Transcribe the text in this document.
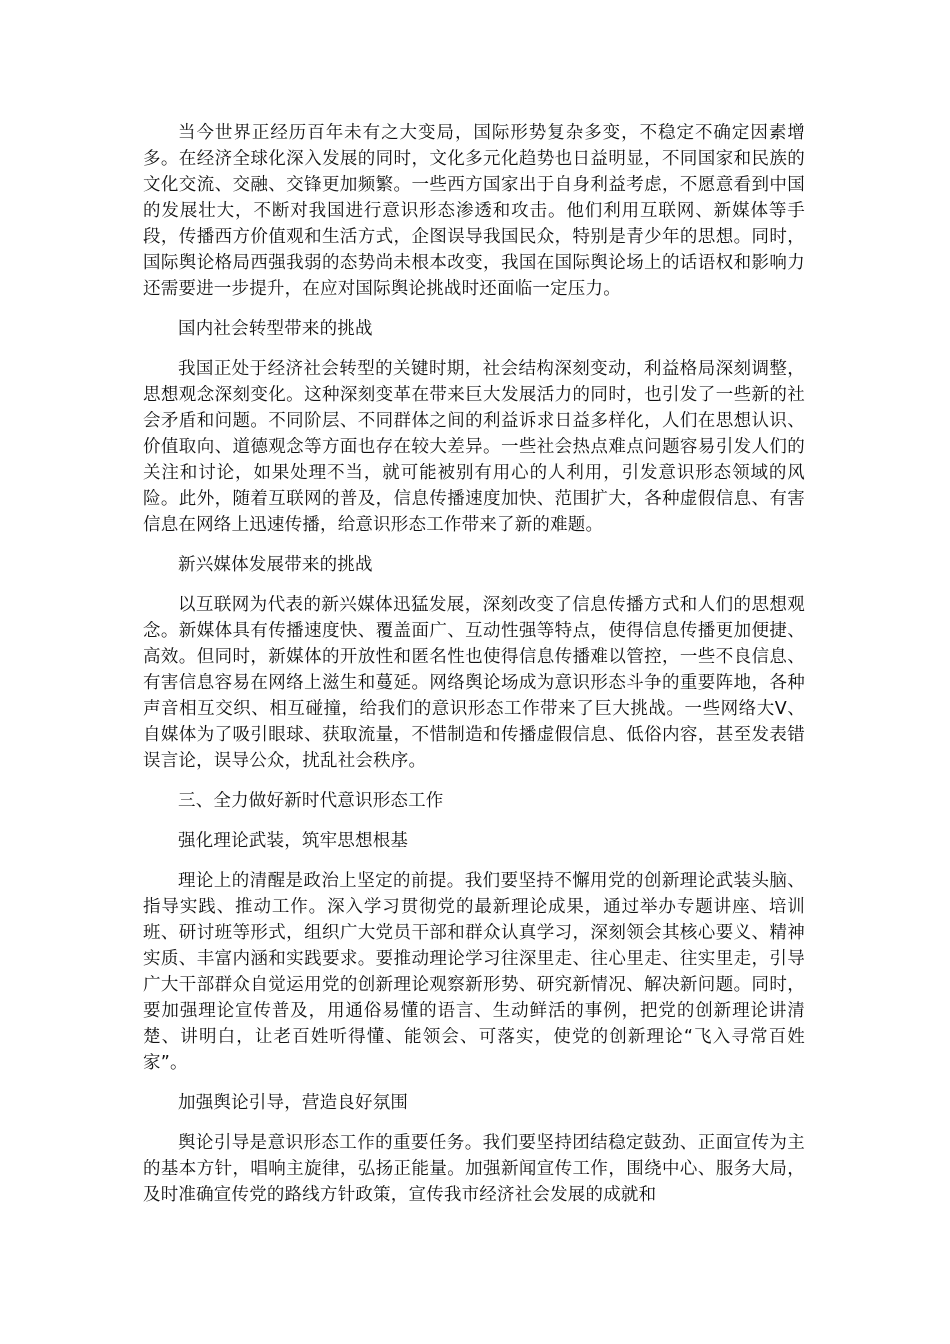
当今世界正经历百年未有之大变局，国际形势复杂多变，不稳定不确定因素增多。在经济全球化深入发展的同时，文化多元化趋势也日益明显，不同国家和民族的文化交流、交融、交锋更加频繁。一些西方国家出于自身利益考虑，不愿意看到中国的发展壮大，不断对我国进行意识形态渗透和攻击。他们利用互联网、新媒体等手段，传播西方价值观和生活方式，企图误导我国民众，特别是青少年的思想。同时，国际舆论格局西强我弱的态势尚未根本改变，我国在国际舆论场上的话语权和影响力还需要进一步提升，在应对国际舆论挑战时还面临一定压力。

国内社会转型带来的挑战

我国正处于经济社会转型的关键时期，社会结构深刻变动，利益格局深刻调整，思想观念深刻变化。这种深刻变革在带来巨大发展活力的同时，也引发了一些新的社会矛盾和问题。不同阶层、不同群体之间的利益诉求日益多样化，人们在思想认识、价值取向、道德观念等方面也存在较大差异。一些社会热点难点问题容易引发人们的关注和讨论，如果处理不当，就可能被别有用心的人利用，引发意识形态领域的风险。此外，随着互联网的普及，信息传播速度加快、范围扩大，各种虚假信息、有害信息在网络上迅速传播，给意识形态工作带来了新的难题。

新兴媒体发展带来的挑战

以互联网为代表的新兴媒体迅猛发展，深刻改变了信息传播方式和人们的思想观念。新媒体具有传播速度快、覆盖面广、互动性强等特点，使得信息传播更加便捷、高效。但同时，新媒体的开放性和匿名性也使得信息传播难以管控，一些不良信息、有害信息容易在网络上滋生和蔓延。网络舆论场成为意识形态斗争的重要阵地，各种声音相互交织、相互碰撞，给我们的意识形态工作带来了巨大挑战。一些网络大V、自媒体为了吸引眼球、获取流量，不惜制造和传播虚假信息、低俗内容，甚至发表错误言论，误导公众，扰乱社会秩序。

三、全力做好新时代意识形态工作

强化理论武装，筑牢思想根基

理论上的清醒是政治上坚定的前提。我们要坚持不懈用党的创新理论武装头脑、指导实践、推动工作。深入学习贯彻党的最新理论成果，通过举办专题讲座、培训班、研讨班等形式，组织广大党员干部和群众认真学习，深刻领会其核心要义、精神实质、丰富内涵和实践要求。要推动理论学习往深里走、往心里走、往实里走，引导广大干部群众自觉运用党的创新理论观察新形势、研究新情况、解决新问题。同时，要加强理论宣传普及，用通俗易懂的语言、生动鲜活的事例，把党的创新理论讲清楚、讲明白，让老百姓听得懂、能领会、可落实，使党的创新理论“飞入寻常百姓家”。

加强舆论引导，营造良好氛围

舆论引导是意识形态工作的重要任务。我们要坚持团结稳定鼓劲、正面宣传为主的基本方针，唱响主旋律，弘扬正能量。加强新闻宣传工作，围绕中心、服务大局，及时准确宣传党的路线方针政策，宣传我市经济社会发展的成就和
